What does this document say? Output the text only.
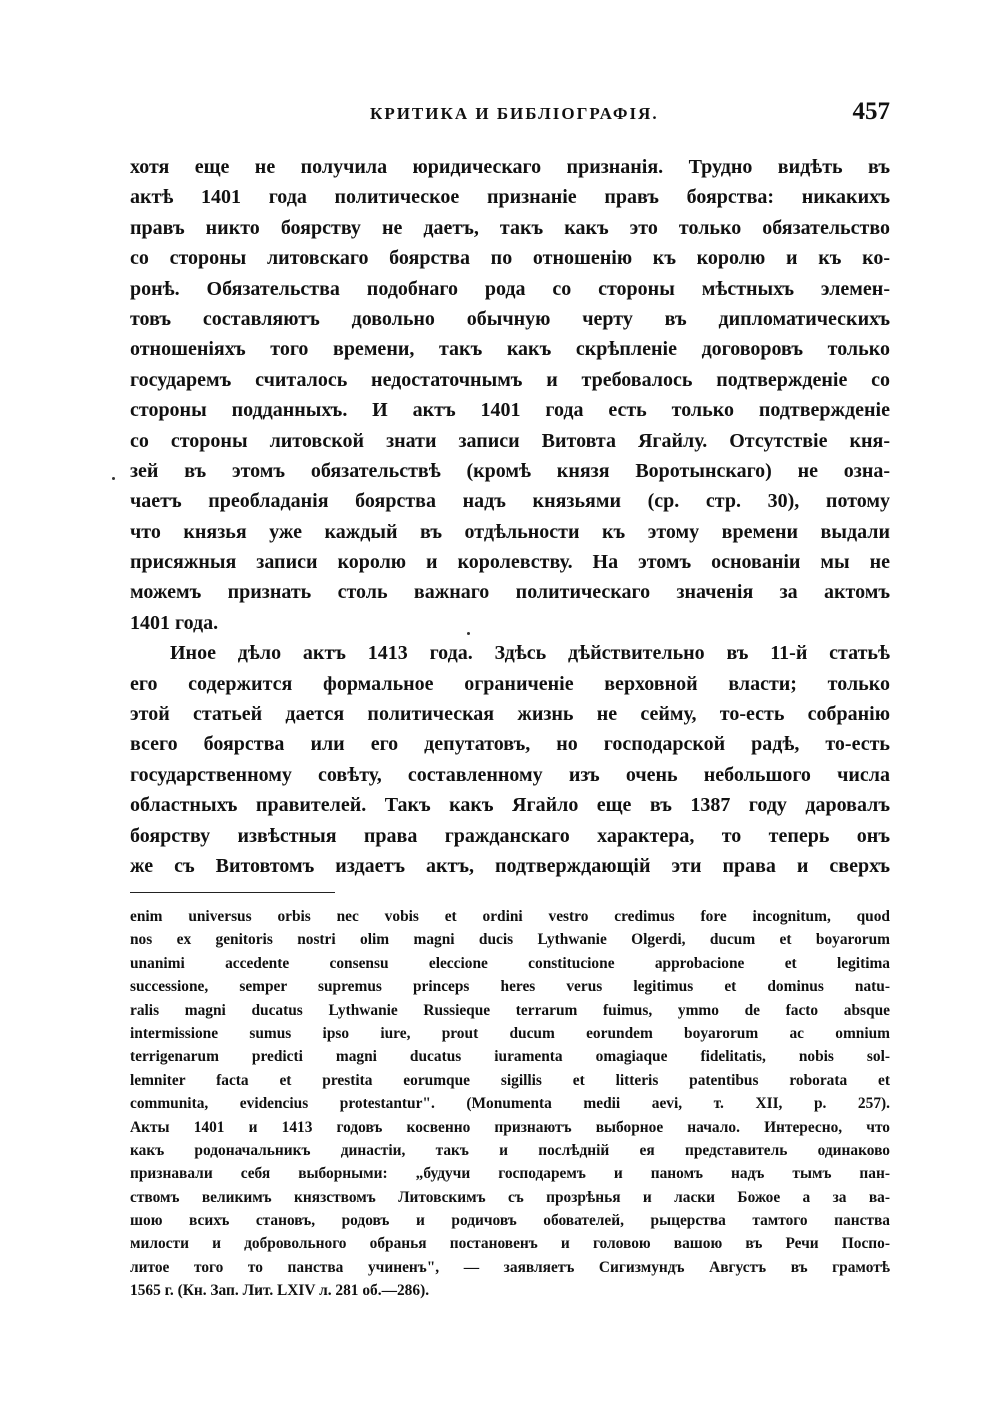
КРИТИКА И БИБЛIОГРАФIЯ.	457
хотя еще не получила юридическаго признанiя. Трудно видѣть въ
актѣ 1401 года политическое признанiе правъ боярства: никакихъ
правъ никто боярству не даетъ, такъ какъ это только обязательство
со стороны литовскаго боярства по отношенiю къ королю и къ ко-
ронѣ. Обязательства подобнаго рода со стороны мѣстныхъ элемен-
товъ составляютъ довольно обычную черту въ дипломатическихъ
отношенiяхъ того времени, такъ какъ скрѣпленiе договоровъ только
государемъ считалось недостаточнымъ и требовалось подтвержденiе со
стороны подданныхъ. И актъ 1401 года есть только подтвержденiе
со стороны литовской знати записи Витовта Ягайлу. Отсутствiе кня-
зей въ этомъ обязательствѣ (кромѣ князя Воротынскаго) не озна-
чаетъ преобладанiя боярства надъ князьями (ср. стр. 30), потому
что князья уже каждый въ отдѣльности къ этому времени выдали
присяжныя записи королю и королевству. На этомъ основанiи мы не
можемъ признать столь важнаго политическаго значенiя за актомъ
1401 года.
Иное дѣло актъ 1413 года. Здѣсь дѣйствительно въ 11-й статьѣ
его содержится формальное ограниченiе верховной власти; только
этой статьей дается политическая жизнь не сейму, то-есть собранiю
всего боярства или его депутатовъ, но господарской радѣ, то-есть
государственному совѣту, составленному изъ очень небольшого числа
областныхъ правителей. Такъ какъ Ягайло еще въ 1387 году даровалъ
боярству извѣстныя права гражданскаго характера, то теперь онъ
же съ Витовтомъ издаетъ актъ, подтверждающiй эти права и сверхъ
enim universus orbis nec vobis et ordini vestro credimus fore incognitum, quod
nos ex genitoris nostri olim magni ducis Lythwanie Olgerdi, ducum et boyarorum
unanimi accedente consensu eleccione constitucione approbacione et legitima
successione, semper supremus princeps heres verus legitimus et dominus natu-
ralis magni ducatus Lythwanie Russieque terrarum fuimus, ymmo de facto absque
intermissione sumus ipso iure, prout ducum eorundem boyarorum ac omnium
terrigenarum predicti magni ducatus iuramenta omagiaque fidelitatis, nobis sol-
lemniter facta et prestita eorumque sigillis et litteris patentibus roborata et
communita, evidencius protestantur". (Monumenta medii aevi, т. XII, р. 257).
Акты 1401 и 1413 годовъ косвенно признаютъ выборное начало. Интересно, что
какъ родоначальникъ династiи, такъ и послѣднiй ея представитель одинаково
признавали себя выборными: „будучи господаремъ и паномъ надъ тымъ пан-
ствомъ великимъ князствомъ Литовскимъ съ прозрѣнья и ласки Божое а за ва-
шою всихъ становъ, родовъ и родичовъ обователей, рыцерства тамтого панства
милости и добровольного обранья постановенъ и головою вашою въ Речи Поспо-
литое того то панства учиненъ", — заявляетъ Сигизмундъ Августъ въ грамотѣ
1565 г. (Кн. Зап. Лит. LXIV л. 281 об.—286).
